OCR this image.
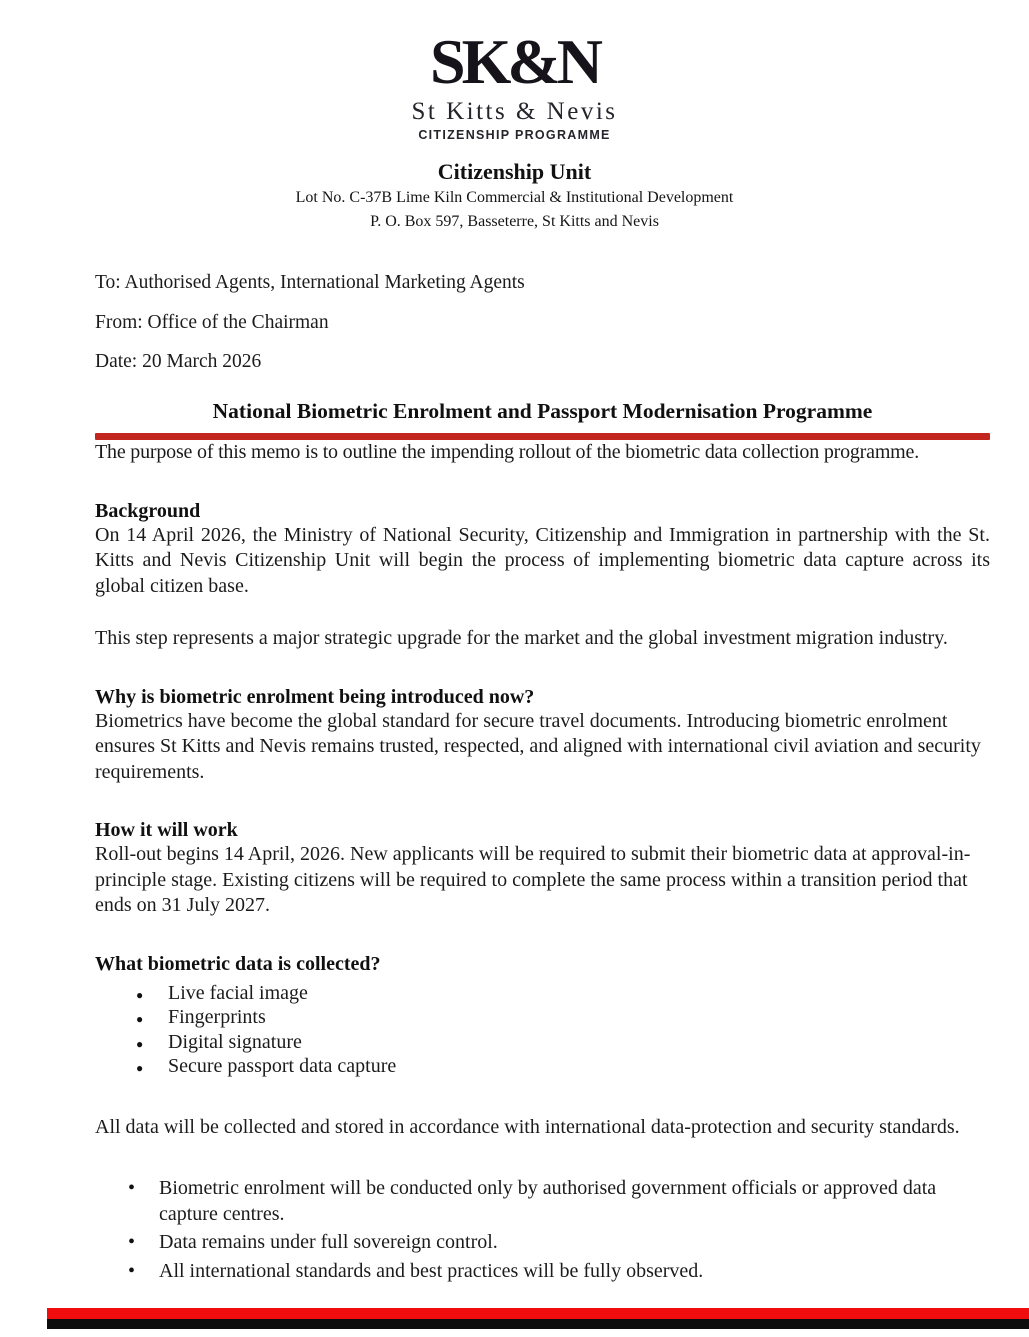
SK&N
St Kitts & Nevis
CITIZENSHIP PROGRAMME
Citizenship Unit
Lot No. C-37B Lime Kiln Commercial & Institutional Development
P. O. Box 597, Basseterre, St Kitts and Nevis

To: Authorised Agents, International Marketing Agents

From: Office of the Chairman

Date: 20 March 2026

National Biometric Enrolment and Passport Modernisation Programme

The purpose of this memo is to outline the impending rollout of the biometric data collection programme.

Background

On 14 April 2026, the Ministry of National Security, Citizenship and Immigration in partnership with the St. Kitts and Nevis Citizenship Unit will begin the process of implementing biometric data capture across its global citizen base.

This step represents a major strategic upgrade for the market and the global investment migration industry.

Why is biometric enrolment being introduced now?

Biometrics have become the global standard for secure travel documents. Introducing biometric enrolment ensures St Kitts and Nevis remains trusted, respected, and aligned with international civil aviation and security requirements.

How it will work

Roll-out begins 14 April, 2026. New applicants will be required to submit their biometric data at approval-in-principle stage. Existing citizens will be required to complete the same process within a transition period that ends on 31 July 2027.

What biometric data is collected?
● Live facial image
● Fingerprints
● Digital signature
● Secure passport data capture

All data will be collected and stored in accordance with international data-protection and security standards.

• Biometric enrolment will be conducted only by authorised government officials or approved data capture centres.
• Data remains under full sovereign control.
• All international standards and best practices will be fully observed.
